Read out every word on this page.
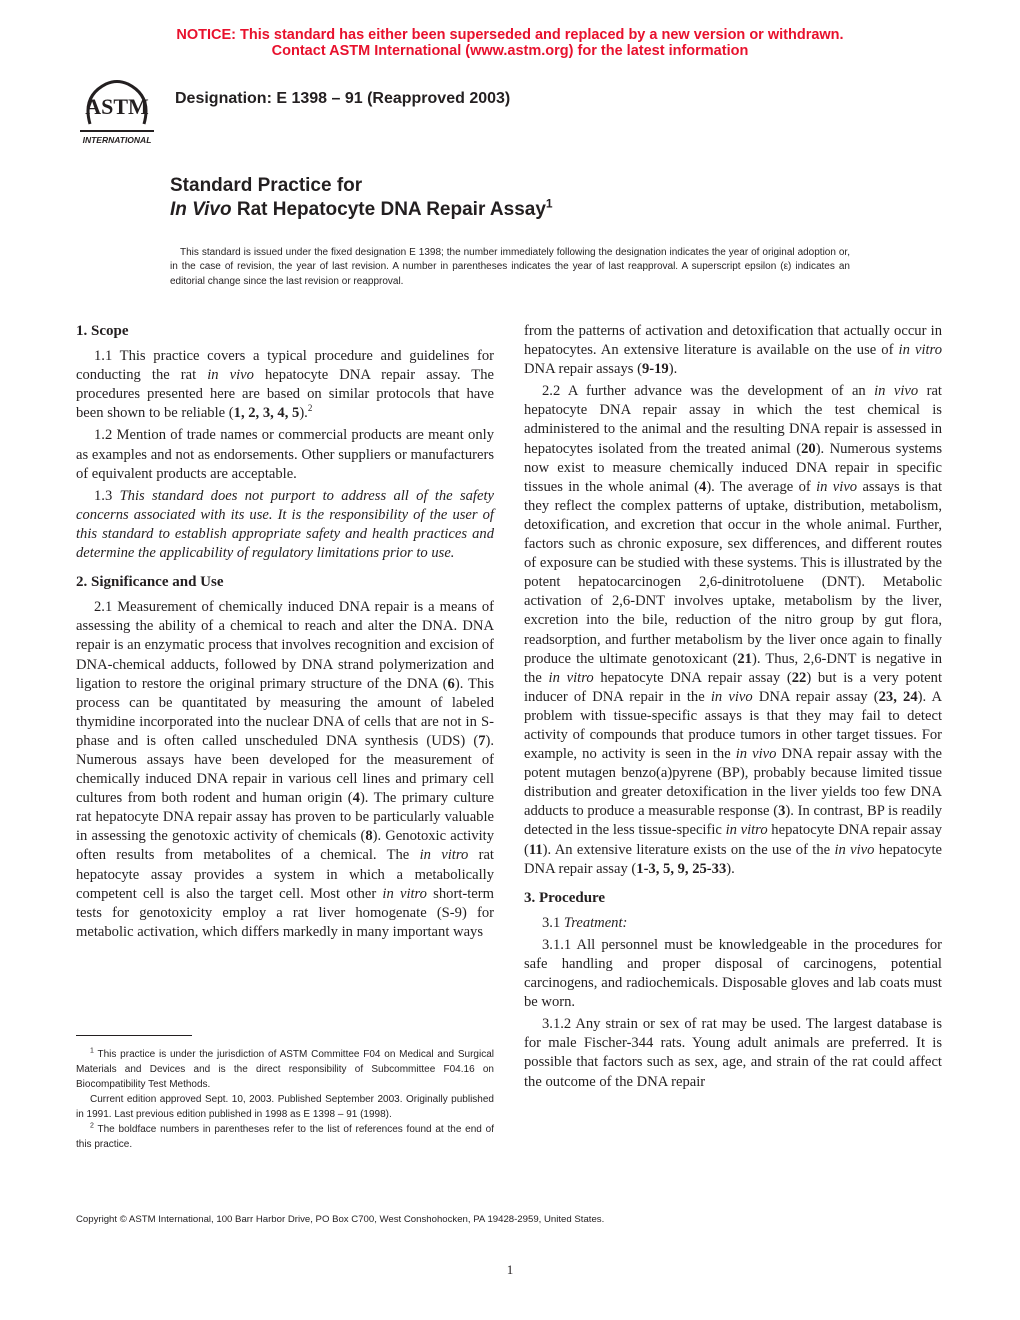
NOTICE: This standard has either been superseded and replaced by a new version or withdrawn.
Contact ASTM International (www.astm.org) for the latest information
ASTM
INTERNATIONAL
Designation: E 1398 – 91 (Reapproved 2003)
Standard Practice for
In Vivo Rat Hepatocyte DNA Repair Assay$^1$
This standard is issued under the fixed designation E 1398; the number immediately following the designation indicates the year of original adoption or, in the case of revision, the year of last revision. A number in parentheses indicates the year of last reapproval. A superscript epsilon (ε) indicates an editorial change since the last revision or reapproval.
1. Scope

1.1 This practice covers a typical procedure and guidelines for conducting the rat in vivo hepatocyte DNA repair assay. The procedures presented here are based on similar protocols that have been shown to be reliable (1, 2, 3, 4, 5).$^2$

1.2 Mention of trade names or commercial products are meant only as examples and not as endorsements. Other suppliers or manufacturers of equivalent products are acceptable.

1.3 This standard does not purport to address all of the safety concerns associated with its use. It is the responsibility of the user of this standard to establish appropriate safety and health practices and determine the applicability of regulatory limitations prior to use.

2. Significance and Use

2.1 Measurement of chemically induced DNA repair is a means of assessing the ability of a chemical to reach and alter the DNA. DNA repair is an enzymatic process that involves recognition and excision of DNA-chemical adducts, followed by DNA strand polymerization and ligation to restore the original primary structure of the DNA (6). This process can be quantitated by measuring the amount of labeled thymidine incorporated into the nuclear DNA of cells that are not in S-phase and is often called unscheduled DNA synthesis (UDS) (7). Numerous assays have been developed for the measurement of chemically induced DNA repair in various cell lines and primary cell cultures from both rodent and human origin (4). The primary culture rat hepatocyte DNA repair assay has proven to be particularly valuable in assessing the genotoxic activity of chemicals (8). Genotoxic activity often results from metabolites of a chemical. The in vitro rat hepatocyte assay provides a system in which a metabolically competent cell is also the target cell. Most other in vitro short-term tests for genotoxicity employ a rat liver homogenate (S-9) for metabolic activation, which differs markedly in many important ways

$^1$ This practice is under the jurisdiction of ASTM Committee F04 on Medical and Surgical Materials and Devices and is the direct responsibility of Subcommittee F04.16 on Biocompatibility Test Methods.

Current edition approved Sept. 10, 2003. Published September 2003. Originally published in 1991. Last previous edition published in 1998 as E 1398 – 91 (1998).

$^2$ The boldface numbers in parentheses refer to the list of references found at the end of this practice.

from the patterns of activation and detoxification that actually occur in hepatocytes. An extensive literature is available on the use of in vitro DNA repair assays (9-19).

2.2 A further advance was the development of an in vivo rat hepatocyte DNA repair assay in which the test chemical is administered to the animal and the resulting DNA repair is assessed in hepatocytes isolated from the treated animal (20). Numerous systems now exist to measure chemically induced DNA repair in specific tissues in the whole animal (4). The average of in vivo assays is that they reflect the complex patterns of uptake, distribution, metabolism, detoxification, and excretion that occur in the whole animal. Further, factors such as chronic exposure, sex differences, and different routes of exposure can be studied with these systems. This is illustrated by the potent hepatocarcinogen 2,6-dinitrotoluene (DNT). Metabolic activation of 2,6-DNT involves uptake, metabolism by the liver, excretion into the bile, reduction of the nitro group by gut flora, readsorption, and further metabolism by the liver once again to finally produce the ultimate genotoxicant (21). Thus, 2,6-DNT is negative in the in vitro hepatocyte DNA repair assay (22) but is a very potent inducer of DNA repair in the in vivo DNA repair assay (23, 24). A problem with tissue-specific assays is that they may fail to detect activity of compounds that produce tumors in other target tissues. For example, no activity is seen in the in vivo DNA repair assay with the potent mutagen benzo(a)pyrene (BP), probably because limited tissue distribution and greater detoxification in the liver yields too few DNA adducts to produce a measurable response (3). In contrast, BP is readily detected in the less tissue-specific in vitro hepatocyte DNA repair assay (11). An extensive literature exists on the use of the in vivo hepatocyte DNA repair assay (1-3, 5, 9, 25-33).

3. Procedure

3.1 Treatment:

3.1.1 All personnel must be knowledgeable in the procedures for safe handling and proper disposal of carcinogens, potential carcinogens, and radiochemicals. Disposable gloves and lab coats must be worn.

3.1.2 Any strain or sex of rat may be used. The largest database is for male Fischer-344 rats. Young adult animals are preferred. It is possible that factors such as sex, age, and strain of the rat could affect the outcome of the DNA repair

Copyright © ASTM International, 100 Barr Harbor Drive, PO Box C700, West Conshohocken, PA 19428-2959, United States.
1
